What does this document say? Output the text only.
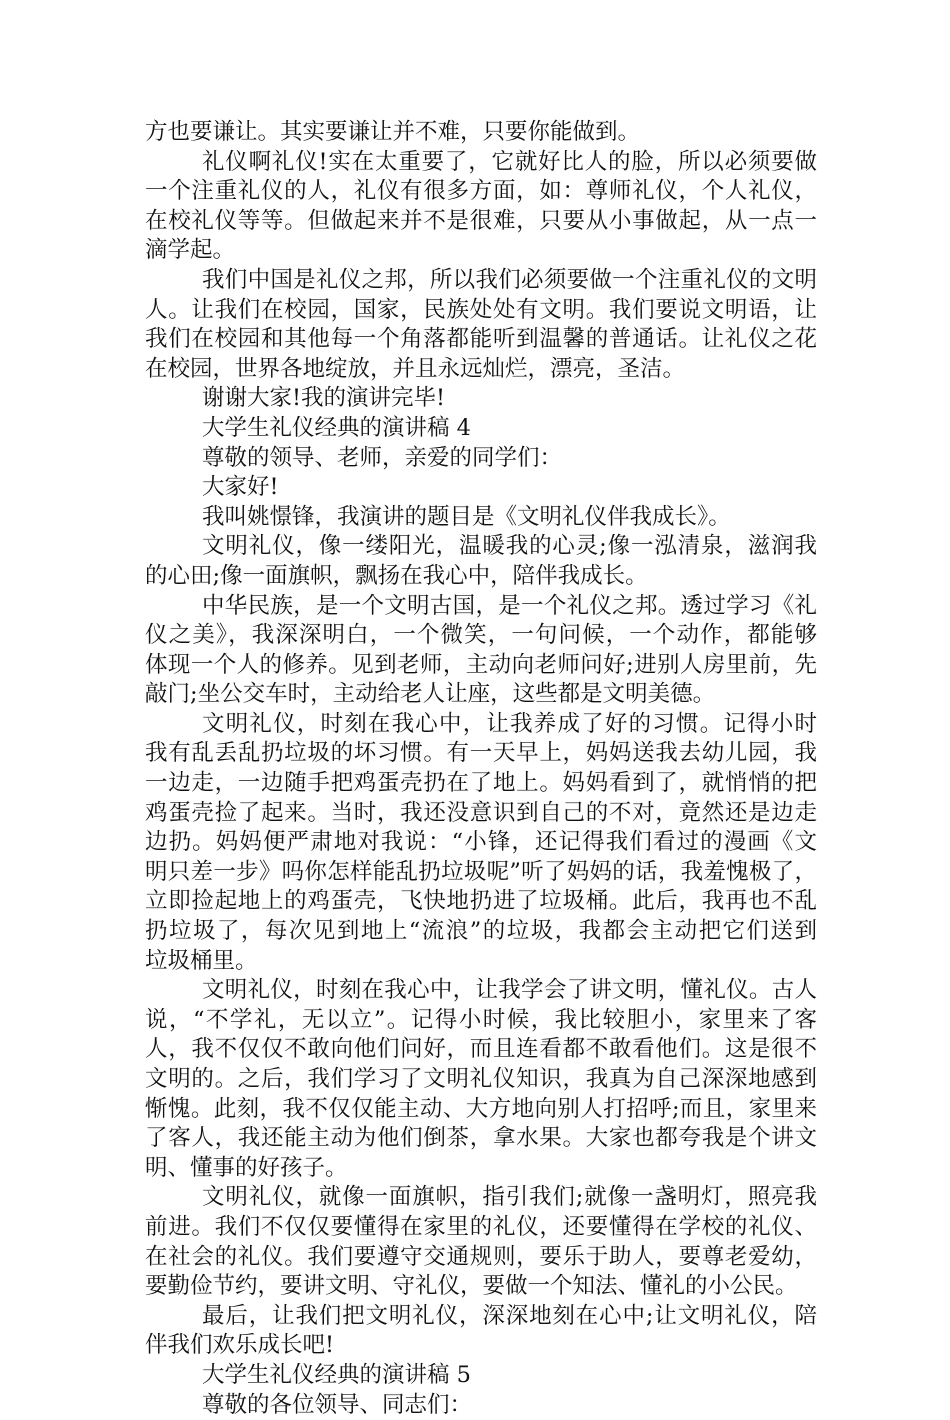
方也要谦让。其实要谦让并不难，只要你能做到。
礼仪啊礼仪!实在太重要了，它就好比人的脸，所以必须要做
一个注重礼仪的人，礼仪有很多方面，如：尊师礼仪，个人礼仪，
在校礼仪等等。但做起来并不是很难，只要从小事做起，从一点一
滴学起。
我们中国是礼仪之邦，所以我们必须要做一个注重礼仪的文明
人。让我们在校园，国家，民族处处有文明。我们要说文明语，让
我们在校园和其他每一个角落都能听到温馨的普通话。让礼仪之花
在校园，世界各地绽放，并且永远灿烂，漂亮，圣洁。
谢谢大家!我的演讲完毕!
大学生礼仪经典的演讲稿 4
尊敬的领导、老师，亲爱的同学们：
大家好!
我叫姚憬锋，我演讲的题目是《文明礼仪伴我成长》。
文明礼仪，像一缕阳光，温暖我的心灵;像一泓清泉，滋润我
的心田;像一面旗帜，飘扬在我心中，陪伴我成长。
中华民族，是一个文明古国，是一个礼仪之邦。透过学习《礼
仪之美》，我深深明白，一个微笑，一句问候，一个动作，都能够
体现一个人的修养。见到老师，主动向老师问好;进别人房里前，先
敲门;坐公交车时，主动给老人让座，这些都是文明美德。
文明礼仪，时刻在我心中，让我养成了好的习惯。记得小时
我有乱丢乱扔垃圾的坏习惯。有一天早上，妈妈送我去幼儿园，我
一边走，一边随手把鸡蛋壳扔在了地上。妈妈看到了，就悄悄的把
鸡蛋壳捡了起来。当时，我还没意识到自己的不对，竟然还是边走
边扔。妈妈便严肃地对我说：“小锋，还记得我们看过的漫画《文
明只差一步》吗你怎样能乱扔垃圾呢”听了妈妈的话，我羞愧极了，
立即捡起地上的鸡蛋壳，飞快地扔进了垃圾桶。此后，我再也不乱
扔垃圾了，每次见到地上“流浪”的垃圾，我都会主动把它们送到
垃圾桶里。
文明礼仪，时刻在我心中，让我学会了讲文明，懂礼仪。古人
说，“不学礼，无以立”。记得小时候，我比较胆小，家里来了客
人，我不仅仅不敢向他们问好，而且连看都不敢看他们。这是很不
文明的。之后，我们学习了文明礼仪知识，我真为自己深深地感到
惭愧。此刻，我不仅仅能主动、大方地向别人打招呼;而且，家里来
了客人，我还能主动为他们倒茶，拿水果。大家也都夸我是个讲文
明、懂事的好孩子。
文明礼仪，就像一面旗帜，指引我们;就像一盏明灯，照亮我
前进。我们不仅仅要懂得在家里的礼仪，还要懂得在学校的礼仪、
在社会的礼仪。我们要遵守交通规则，要乐于助人，要尊老爱幼，
要勤俭节约，要讲文明、守礼仪，要做一个知法、懂礼的小公民。
最后，让我们把文明礼仪，深深地刻在心中;让文明礼仪，陪
伴我们欢乐成长吧!
大学生礼仪经典的演讲稿 5
尊敬的各位领导、同志们：
